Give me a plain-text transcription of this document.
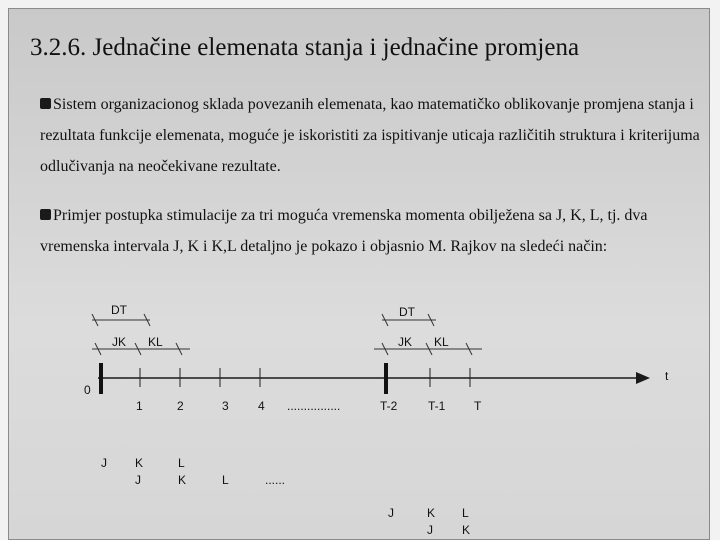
3.2.6. Jednačine elemenata stanja i jednačine promjena
Sistem organizacionog sklada povezanih elemenata, kao matematičko oblikovanje promjena stanja i rezultata funkcije elemenata, moguće je iskoristiti za ispitivanje uticaja različitih struktura i kriterijuma odlučivanja na neočekivane rezultate.
Primjer postupka stimulacije za tri moguća vremenska momenta obilježena sa J, K, L, tj. dva vremenska intervala J, K i K,L detaljno je pokazo i objasnio M. Rajkov na sledeći način:
t
0
1	2	3 4 ................	T-2	T-1 T
DT
JK KL
DT
JK KL
J K
J
L
K	L	......
J	K
J
L
K
